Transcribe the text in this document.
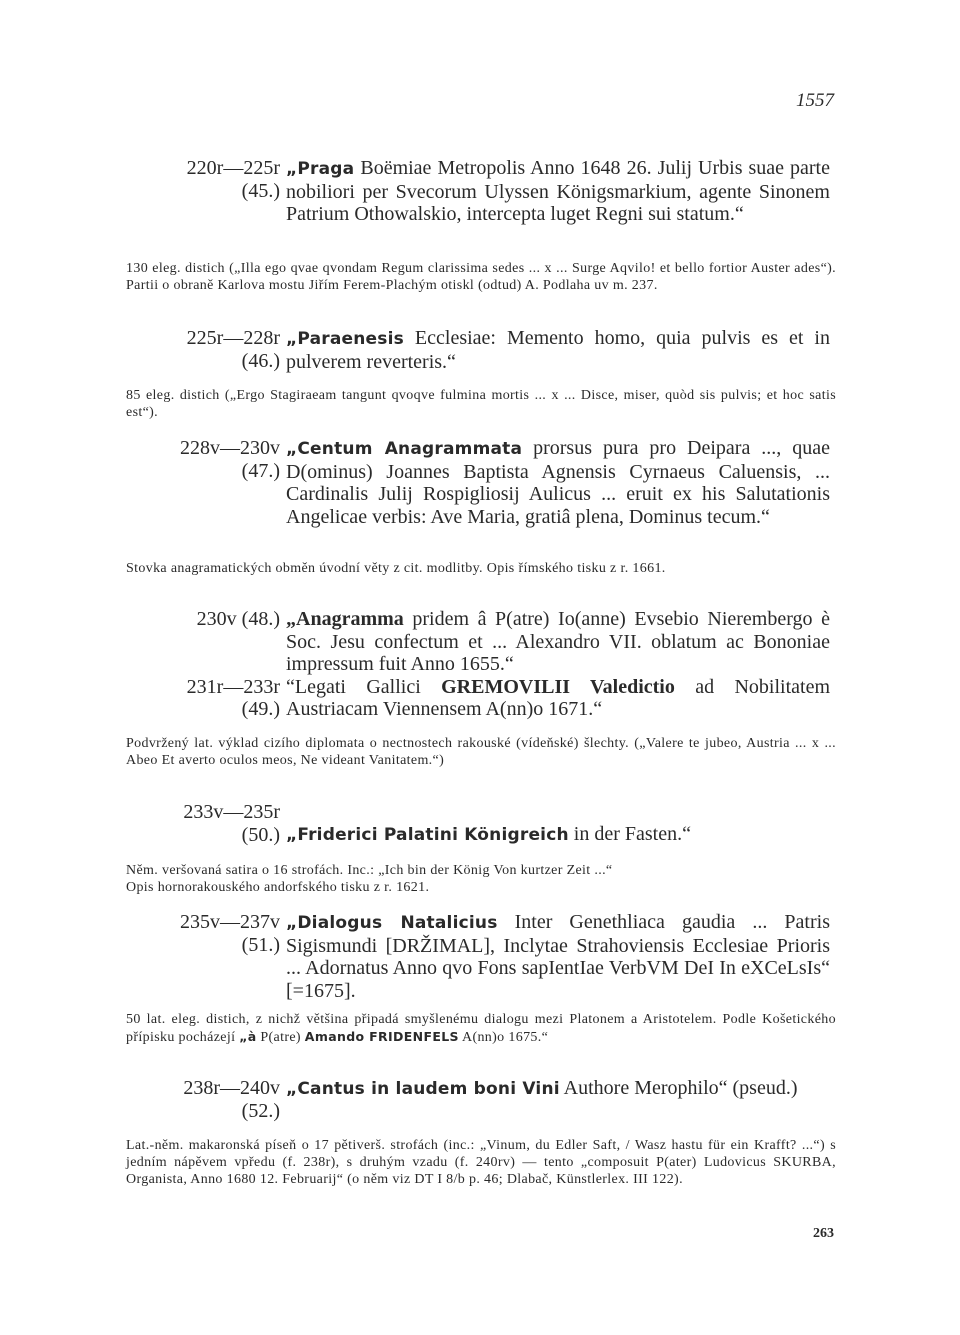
1557
220r—225r
(45.)
„Praga Boëmiae Metropolis Anno 1648 26. Julij Urbis suae parte nobiliori per Svecorum Ulyssen Königsmarkium, agente Sinonem Patrium Othowalskio, intercepta luget Regni sui statum.“
130 eleg. distich („Illa ego qvae qvondam Regum clarissima sedes ... x ... Surge Aqvilo! et bello fortior Auster ades“). Partii o obraně Karlova mostu Jiřím Ferem-Plachým otiskl (odtud) A. Podlaha uv m. 237.
225r—228r
(46.)
„Paraenesis Ecclesiae: Memento homo, quia pulvis es et in pulverem reverteris.“
85 eleg. distich („Ergo Stagiraeam tangunt qvoqve fulmina mortis ... x ... Disce, miser, quòd sis pulvis; et hoc satis est“).
228v—230v
(47.)
„Centum Anagrammata prorsus pura pro Deipara ..., quae D(ominus) Joannes Baptista Agnensis Cyrnaeus Caluensis, ... Cardinalis Julij Rospigliosij Aulicus ... eruit ex his Salutationis Angelicae verbis: Ave Maria, gratiâ plena, Dominus tecum.“
Stovka anagramatických obměn úvodní věty z cit. modlitby. Opis římského tisku z r. 1661.
230v (48.) „Anagramma pridem â P(atre) Io(anne) Evsebio Nierembergo è Soc. Jesu confectum et ... Alexandro VII. oblatum ac Bononiae impressum fuit Anno 1655.“
231r—233r
(49.)
“Legati Gallici GREMOVILII Valedictio ad Nobilitatem Austriacam Viennensem A(nn)o 1671.“
Podvržený lat. výklad cizího diplomata o nectnostech rakouské (vídeňské) šlechty. („Valere te jubeo, Austria ... x ... Abeo Et averto oculos meos, Ne videant Vanitatem.“)
233v—235r
(50.) „Friderici Palatini Königreich in der Fasten.“
Něm. veršovaná satira o 16 strofách. Inc.: „Ich bin der König Von kurtzer Zeit ...“
Opis hornorakouského andorfského tisku z r. 1621.
235v—237v
(51.)
„Dialogus Natalicius Inter Genethliaca gaudia ... Patris Sigismundi [DRŽIMAL], Inclytae Strahoviensis Ecclesiae Prioris ... Adornatus Anno qvo Fons sapIentIae VerbVM DeI In eXCeLsIs“ [=1675].
50 lat. eleg. distich, z nichž většina připadá smyšlenému dialogu mezi Platonem a Aristotelem. Podle Košetického přípisku pocházejí „à P(atre) Amando FRIDENFELS A(nn)o 1675.“
238r—240v
(52.)
„Cantus in laudem boni Vini Authore Merophilo“ (pseud.)
Lat.-něm. makaronská píseň o 17 pětiverš. strofách (inc.: „Vinum, du Edler Saft, / Wasz hastu für ein Krafft? ...“) s jedním nápěvem vpředu (f. 238r), s druhým vzadu (f. 240rv) — tento „composuit P(ater) Ludovicus SKURBA, Organista, Anno 1680 12. Februarij“ (o něm viz DT I 8/b p. 46; Dlabač, Künstlerlex. III 122).
263
